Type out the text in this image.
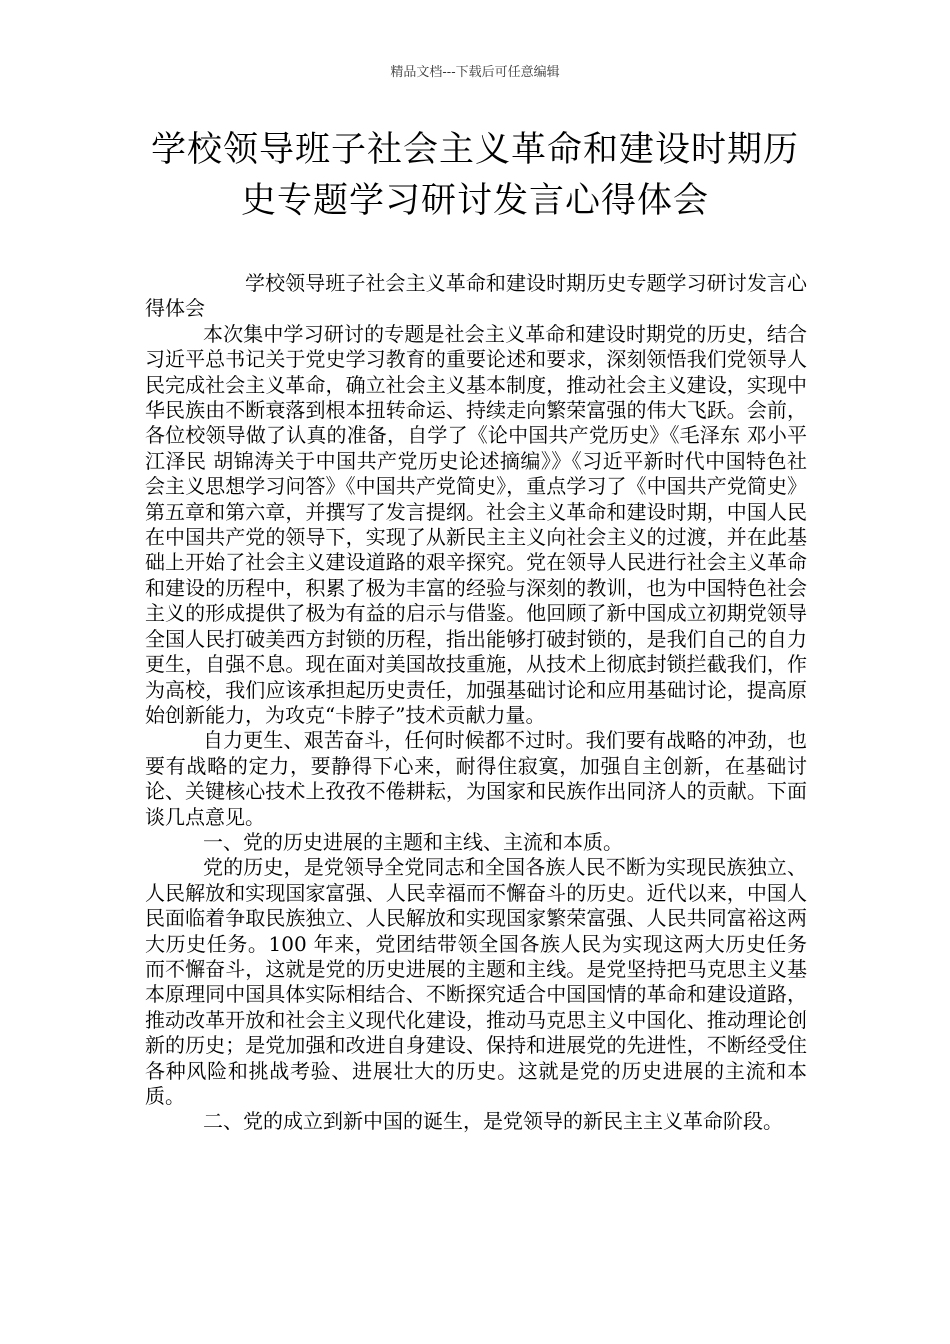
精品文档---下载后可任意编辑
学校领导班子社会主义革命和建设时期历史专题学习研讨发言心得体会

学校领导班子社会主义革命和建设时期历史专题学习研讨发言心得体会

本次集中学习研讨的专题是社会主义革命和建设时期党的历史，结合习近平总书记关于党史学习教育的重要论述和要求，深刻领悟我们党领导人民完成社会主义革命，确立社会主义基本制度，推动社会主义建设，实现中华民族由不断衰落到根本扭转命运、持续走向繁荣富强的伟大飞跃。会前，各位校领导做了认真的准备，自学了《论中国共产党历史》《毛泽东 邓小平 江泽民 胡锦涛关于中国共产党历史论述摘编》》《习近平新时代中国特色社会主义思想学习问答》《中国共产党简史》，重点学习了《中国共产党简史》第五章和第六章，并撰写了发言提纲。社会主义革命和建设时期，中国人民在中国共产党的领导下，实现了从新民主主义向社会主义的过渡，并在此基础上开始了社会主义建设道路的艰辛探究。党在领导人民进行社会主义革命和建设的历程中，积累了极为丰富的经验与深刻的教训，也为中国特色社会主义的形成提供了极为有益的启示与借鉴。他回顾了新中国成立初期党领导全国人民打破美西方封锁的历程，指出能够打破封锁的，是我们自己的自力更生，自强不息。现在面对美国故技重施，从技术上彻底封锁拦截我们，作为高校，我们应该承担起历史责任，加强基础讨论和应用基础讨论，提高原始创新能力，为攻克“卡脖子”技术贡献力量。

自力更生、艰苦奋斗，任何时候都不过时。我们要有战略的冲劲，也要有战略的定力，要静得下心来，耐得住寂寞，加强自主创新，在基础讨论、关键核心技术上孜孜不倦耕耘，为国家和民族作出同济人的贡献。下面谈几点意见。

一、党的历史进展的主题和主线、主流和本质。

党的历史，是党领导全党同志和全国各族人民不断为实现民族独立、人民解放和实现国家富强、人民幸福而不懈奋斗的历史。近代以来，中国人民面临着争取民族独立、人民解放和实现国家繁荣富强、人民共同富裕这两大历史任务。100 年来，党团结带领全国各族人民为实现这两大历史任务而不懈奋斗，这就是党的历史进展的主题和主线。是党坚持把马克思主义基本原理同中国具体实际相结合、不断探究适合中国国情的革命和建设道路，推动改革开放和社会主义现代化建设，推动马克思主义中国化、推动理论创新的历史；是党加强和改进自身建设、保持和进展党的先进性，不断经受住各种风险和挑战考验、进展壮大的历史。这就是党的历史进展的主流和本质。

二、党的成立到新中国的诞生，是党领导的新民主主义革命阶段。
